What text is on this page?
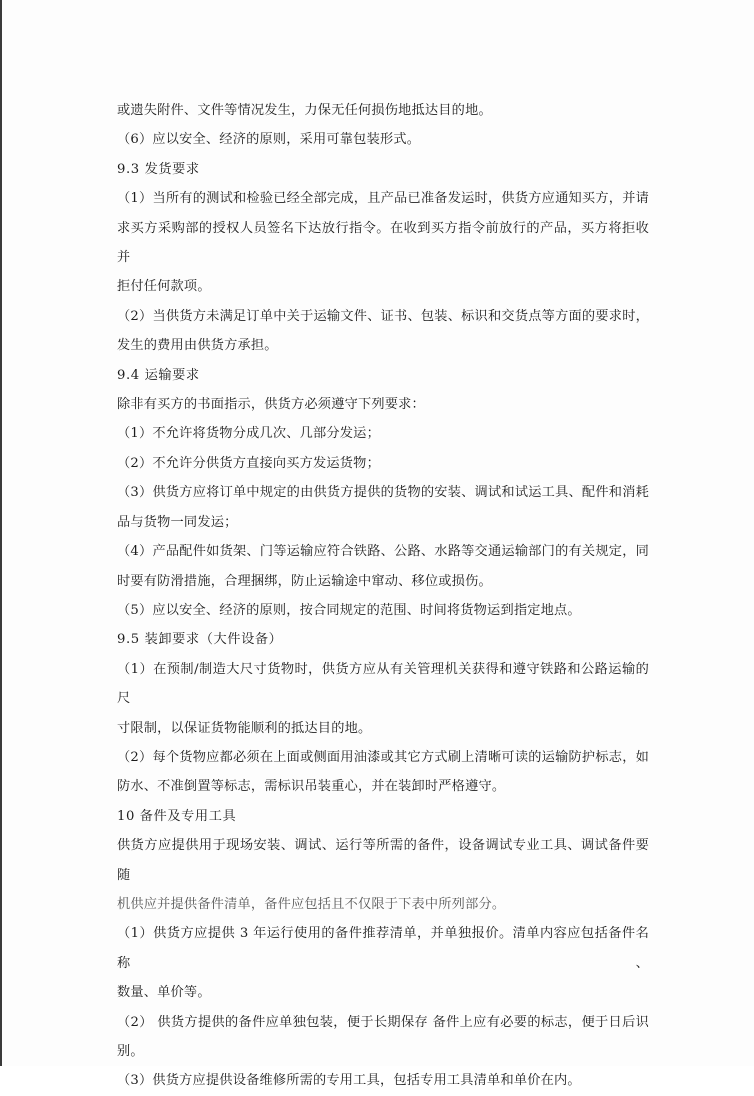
或遗失附件、文件等情况发生，力保无任何损伤地抵达目的地。
（6）应以安全、经济的原则，采用可靠包装形式。
9.3 发货要求
（1）当所有的测试和检验已经全部完成，且产品已准备发运时，供货方应通知买方，并请
求买方采购部的授权人员签名下达放行指令。在收到买方指令前放行的产品，买方将拒收并
拒付任何款项。
（2）当供货方未满足订单中关于运输文件、证书、包装、标识和交货点等方面的要求时，
发生的费用由供货方承担。
9.4 运输要求
除非有买方的书面指示，供货方必须遵守下列要求：
（1）不允许将货物分成几次、几部分发运；
（2）不允许分供货方直接向买方发运货物；
（3）供货方应将订单中规定的由供货方提供的货物的安装、调试和试运工具、配件和消耗
品与货物一同发运；
（4）产品配件如货架、门等运输应符合铁路、公路、水路等交通运输部门的有关规定，同
时要有防滑措施，合理捆绑，防止运输途中窜动、移位或损伤。
（5）应以安全、经济的原则，按合同规定的范围、时间将货物运到指定地点。
9.5 装卸要求（大件设备）
（1）在预制/制造大尺寸货物时，供货方应从有关管理机关获得和遵守铁路和公路运输的尺
寸限制，以保证货物能顺利的抵达目的地。
（2）每个货物应都必须在上面或侧面用油漆或其它方式刷上清晰可读的运输防护标志，如
防水、不准倒置等标志，需标识吊装重心，并在装卸时严格遵守。
10 备件及专用工具
供货方应提供用于现场安装、调试、运行等所需的备件，设备调试专业工具、调试备件要随
机供应并提供备件清单，备件应包括且不仅限于下表中所列部分。
（1）供货方应提供 3 年运行使用的备件推荐清单，并单独报价。清单内容应包括备件名称、
数量、单价等。
（2） 供货方提供的备件应单独包装，便于长期保存 备件上应有必要的标志，便于日后识
别。
（3）供货方应提供设备维修所需的专用工具，包括专用工具清单和单价在内。
